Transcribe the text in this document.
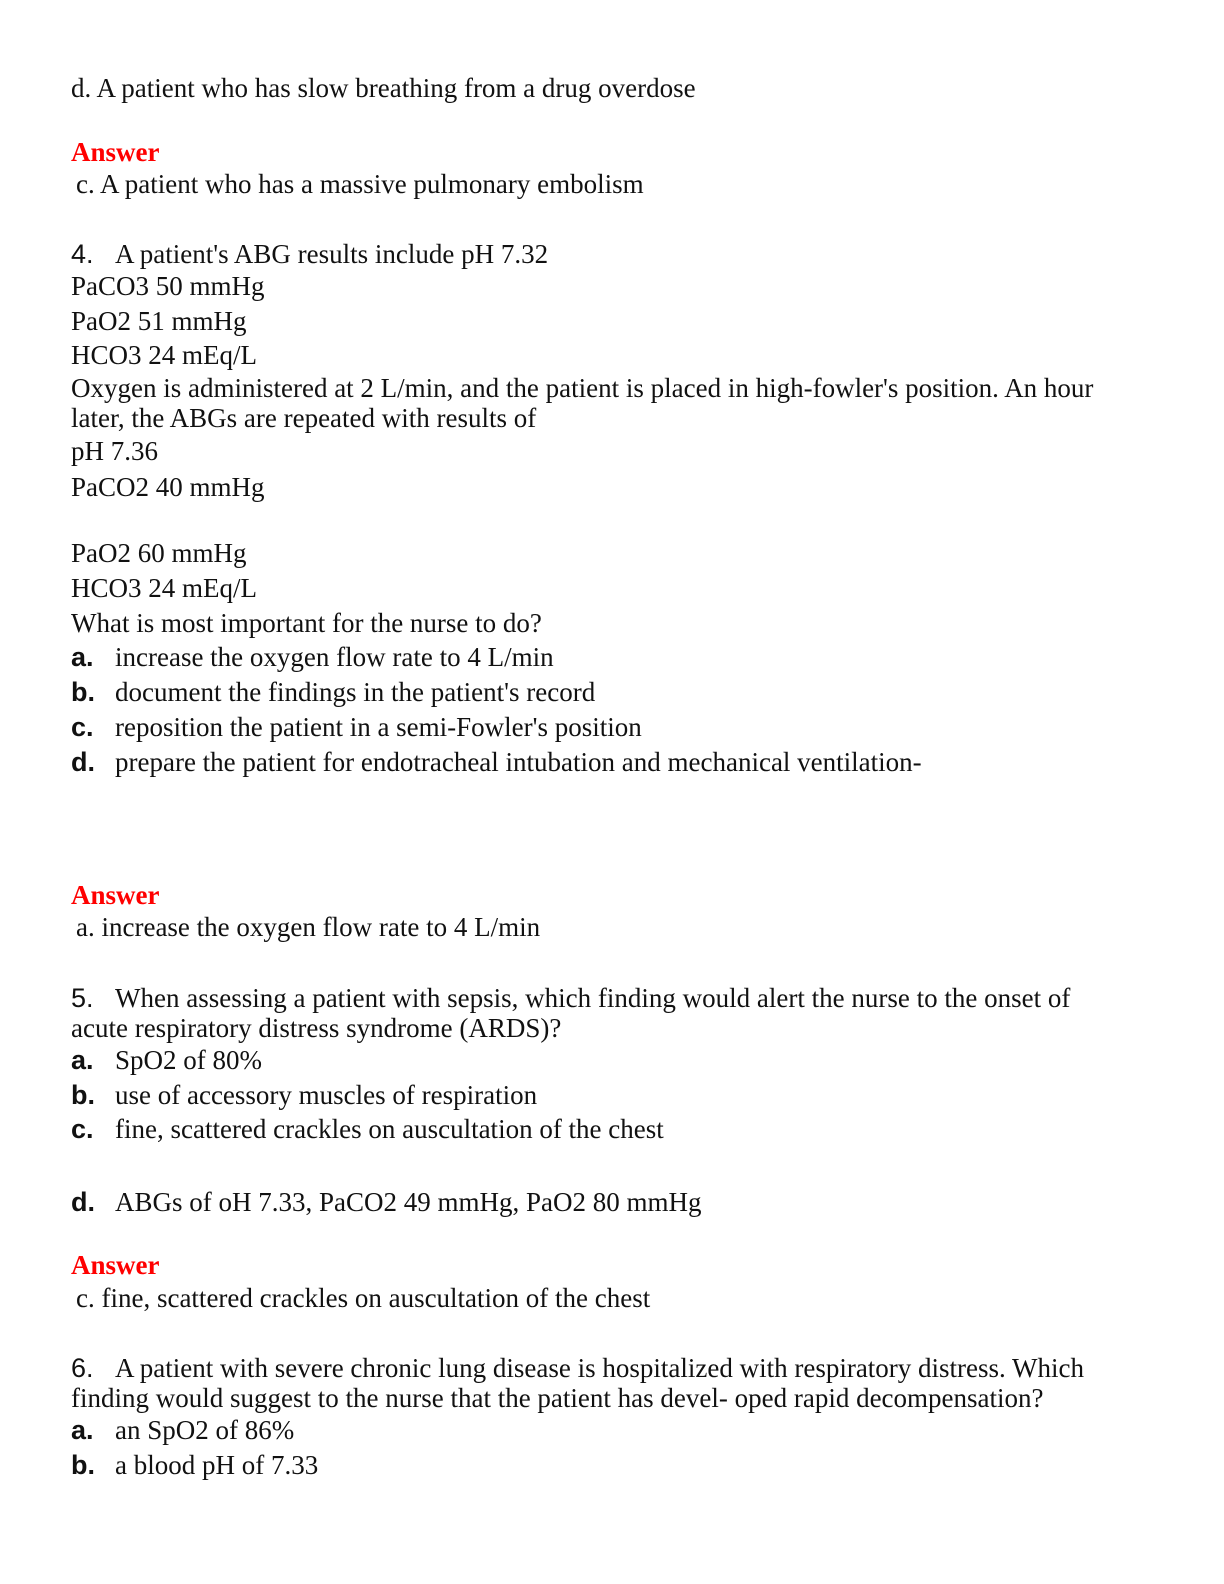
d. A patient who has slow breathing from a drug overdose
Answer
c. A patient who has a massive pulmonary embolism
4. A patient's ABG results include pH 7.32
PaCO3 50 mmHg
PaO2 51 mmHg
HCO3 24 mEq/L
Oxygen is administered at 2 L/min, and the patient is placed in high-fowler's position. An hour
later, the ABGs are repeated with results of
pH 7.36
PaCO2 40 mmHg
PaO2 60 mmHg
HCO3 24 mEq/L
What is most important for the nurse to do?
a. increase the oxygen flow rate to 4 L/min
b. document the findings in the patient's record
c. reposition the patient in a semi-Fowler's position
d. prepare the patient for endotracheal intubation and mechanical ventilation-
Answer
a. increase the oxygen flow rate to 4 L/min
5. When assessing a patient with sepsis, which finding would alert the nurse to the onset of
acute respiratory distress syndrome (ARDS)?
a. SpO2 of 80%
b. use of accessory muscles of respiration
c. fine, scattered crackles on auscultation of the chest
d. ABGs of oH 7.33, PaCO2 49 mmHg, PaO2 80 mmHg
Answer
c. fine, scattered crackles on auscultation of the chest
6. A patient with severe chronic lung disease is hospitalized with respiratory distress. Which
finding would suggest to the nurse that the patient has devel- oped rapid decompensation?
a. an SpO2 of 86%
b. a blood pH of 7.33
